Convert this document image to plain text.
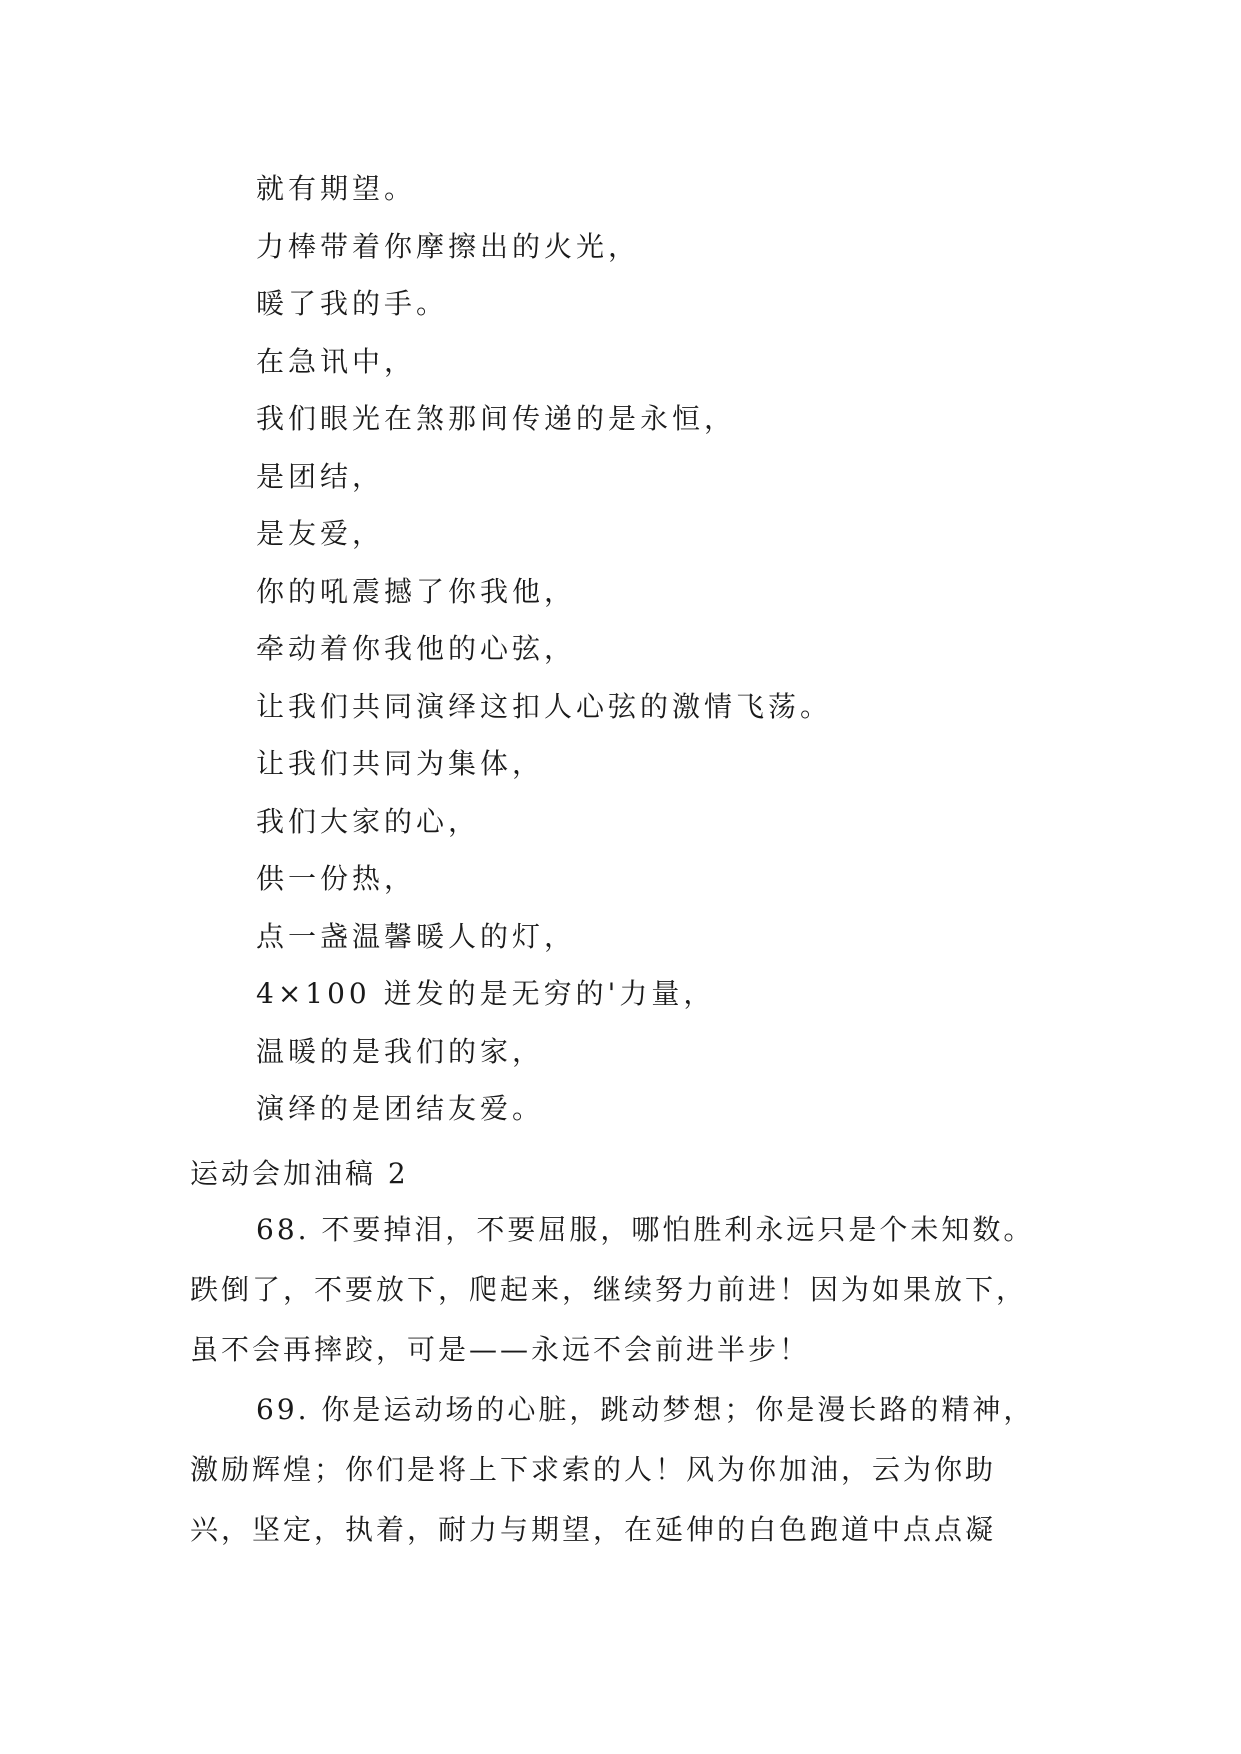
就有期望。
力棒带着你摩擦出的火光，
暖了我的手。
在急讯中，
我们眼光在煞那间传递的是永恒，
是团结，
是友爱，
你的吼震撼了你我他，
牵动着你我他的心弦，
让我们共同演绎这扣人心弦的激情飞荡。
让我们共同为集体，
我们大家的心，
供一份热，
点一盏温馨暖人的灯，
4×100 迸发的是无穷的'力量，
温暖的是我们的家，
演绎的是团结友爱。
运动会加油稿 2
68. 不要掉泪，不要屈服，哪怕胜利永远只是个未知数。
跌倒了，不要放下，爬起来，继续努力前进！因为如果放下，
虽不会再摔跤，可是——永远不会前进半步！
69. 你是运动场的心脏，跳动梦想；你是漫长路的精神，
激励辉煌；你们是将上下求索的人！风为你加油，云为你助
兴，坚定，执着，耐力与期望，在延伸的白色跑道中点点凝
